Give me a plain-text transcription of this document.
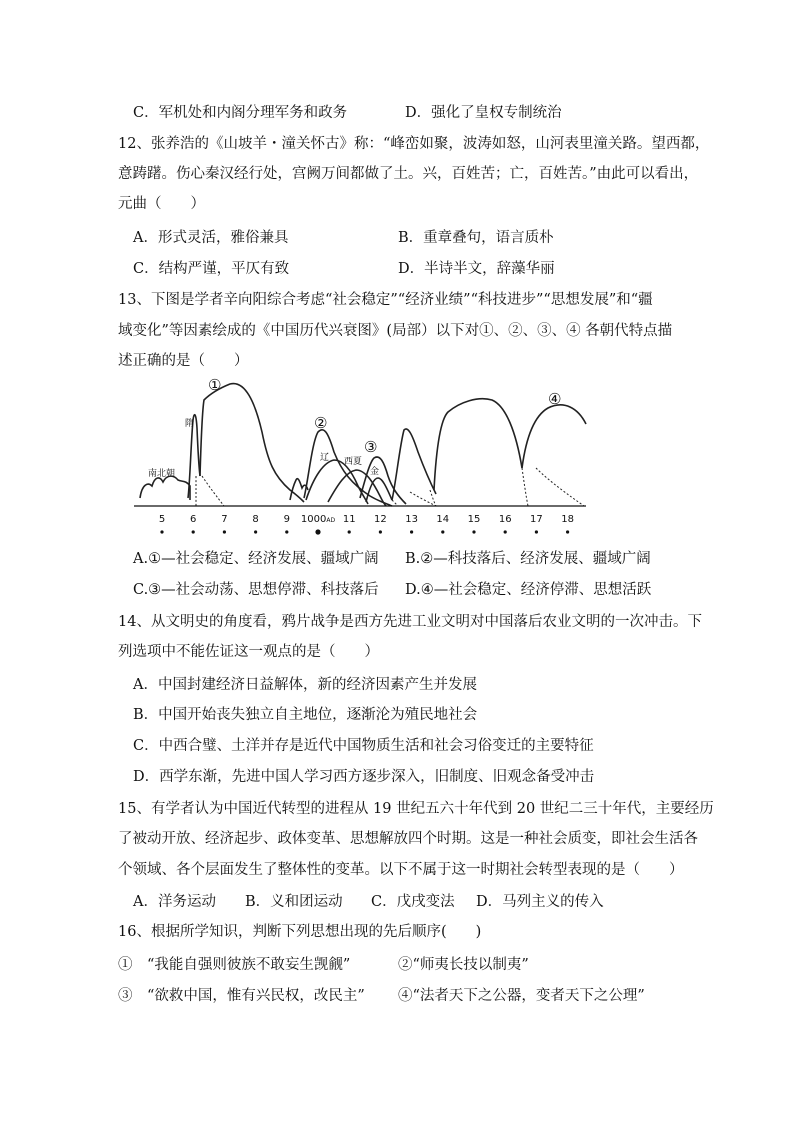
C．军机处和内阁分理军务和政务	D．强化了皇权专制统治
12、张养浩的《山坡羊・潼关怀古》称：“峰峦如聚，波涛如怒，山河表里潼关路。望西都，
意踌躇。伤心秦汉经行处，宫阙万间都做了土。兴，百姓苦；亡，百姓苦。”由此可以看出，
元曲（　　）
A．形式灵活，雅俗兼具	B．重章叠句，语言质朴
C．结构严谨，平仄有致	D．半诗半文，辞藻华丽
13、下图是学者辛向阳综合考虑“社会稳定”“经济业绩”“科技进步”“思想发展”和“疆
域变化”等因素绘成的《中国历代兴衰图》(局部）以下对①、②、③、④ 各朝代特点描
述正确的是（　　）
5 6 7 8 9 1000AD 11 12 13 14 15 16 17 18
南北朝
隋
辽 西夏
金
①
②
③
④
A.①—社会稳定、经济发展、疆域广阔 B.②—科技落后、经济发展、疆域广阔
C.③—社会动荡、思想停滞、科技落后 D.④—社会稳定、经济停滞、思想活跃
14、从文明史的角度看，鸦片战争是西方先进工业文明对中国落后农业文明的一次冲击。下
列选项中不能佐证这一观点的是（　　）
A．中国封建经济日益解体，新的经济因素产生并发展
B．中国开始丧失独立自主地位，逐渐沦为殖民地社会
C．中西合璧、土洋并存是近代中国物质生活和社会习俗变迁的主要特征
D．西学东渐，先进中国人学习西方逐步深入，旧制度、旧观念备受冲击
15、有学者认为中国近代转型的进程从 19 世纪五六十年代到 20 世纪二三十年代，主要经历
了被动开放、经济起步、政体变革、思想解放四个时期。这是一种社会质变，即社会生活各
个领域、各个层面发生了整体性的变革。以下不属于这一时期社会转型表现的是（　　）
A．洋务运动 B．义和团运动 C．戊戌变法 D．马列主义的传入
16、根据所学知识，判断下列思想出现的先后顺序(　　)
①　“我能自强则彼族不敢妄生觊觎”	②“师夷长技以制夷”
③　“欲救中国，惟有兴民权，改民主” ④“法者天下之公器，变者天下之公理”
